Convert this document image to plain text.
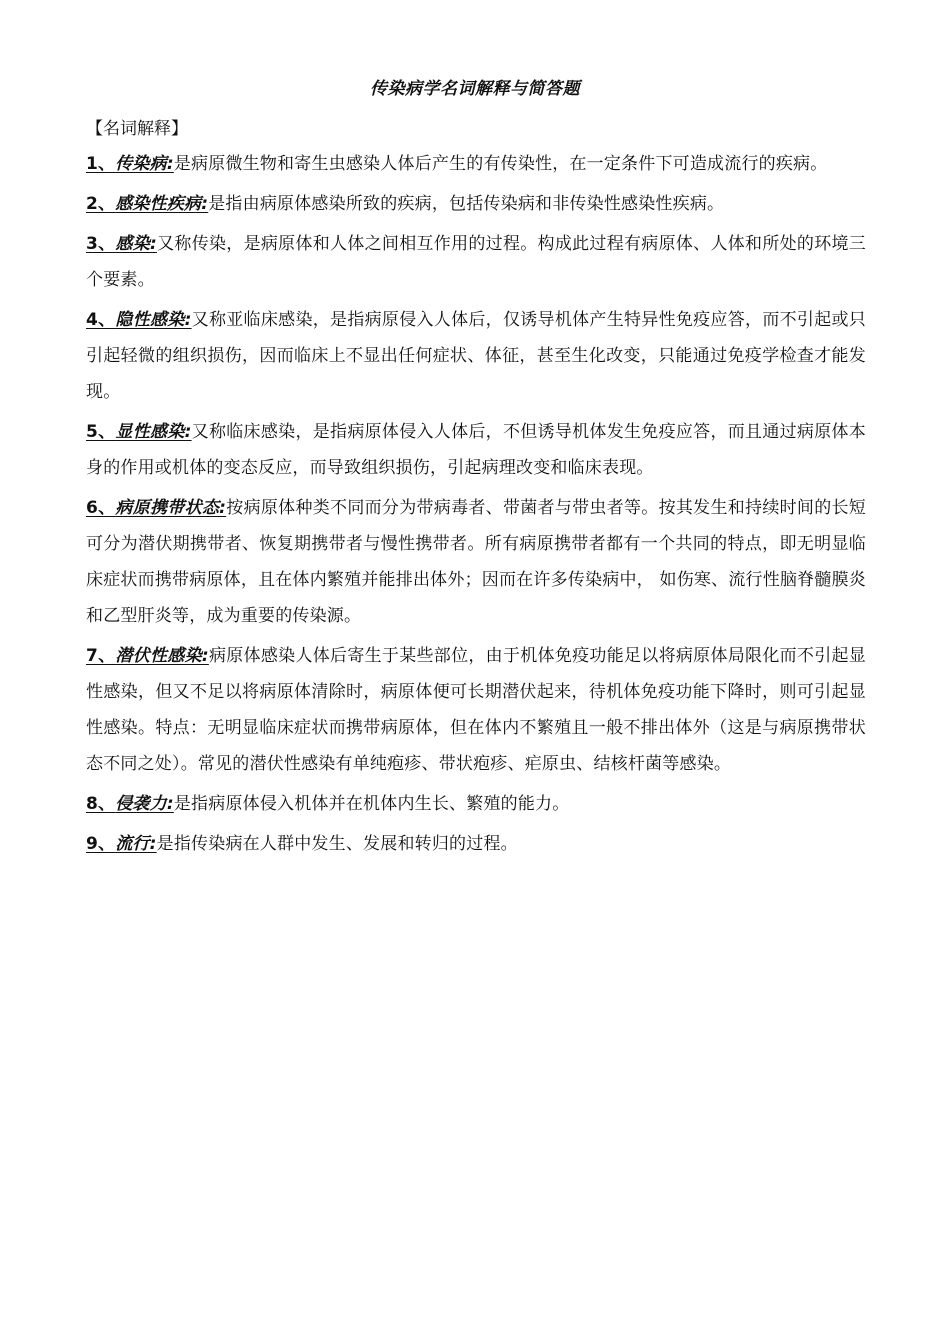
传染病学名词解释与简答题

【名词解释】

1、传染病:是病原微生物和寄生虫感染人体后产生的有传染性，在一定条件下可造成流行的疾病。
2、感染性疾病:是指由病原体感染所致的疾病，包括传染病和非传染性感染性疾病。
3、感染:又称传染，是病原体和人体之间相互作用的过程。构成此过程有病原体、人体和所处的环境三个要素。
4、隐性感染:又称亚临床感染，是指病原侵入人体后，仅诱导机体产生特异性免疫应答，而不引起或只引起轻微的组织损伤，因而临床上不显出任何症状、体征，甚至生化改变，只能通过免疫学检查才能发现。
5、显性感染:又称临床感染，是指病原体侵入人体后，不但诱导机体发生免疫应答，而且通过病原体本身的作用或机体的变态反应，而导致组织损伤，引起病理改变和临床表现。
6、病原携带状态:按病原体种类不同而分为带病毒者、带菌者与带虫者等。按其发生和持续时间的长短可分为潜伏期携带者、恢复期携带者与慢性携带者。所有病原携带者都有一个共同的特点，即无明显临床症状而携带病原体，且在体内繁殖并能排出体外；因而在许多传染病中， 如伤寒、流行性脑脊髓膜炎和乙型肝炎等，成为重要的传染源。
7、潜伏性感染:病原体感染人体后寄生于某些部位，由于机体免疫功能足以将病原体局限化而不引起显性感染，但又不足以将病原体清除时，病原体便可长期潜伏起来，待机体免疫功能下降时，则可引起显性感染。特点：无明显临床症状而携带病原体，但在体内不繁殖且一般不排出体外（这是与病原携带状态不同之处）。常见的潜伏性感染有单纯疱疹、带状疱疹、疟原虫、结核杆菌等感染。
8、侵袭力:是指病原体侵入机体并在机体内生长、繁殖的能力。
9、流行:是指传染病在人群中发生、发展和转归的过程。
